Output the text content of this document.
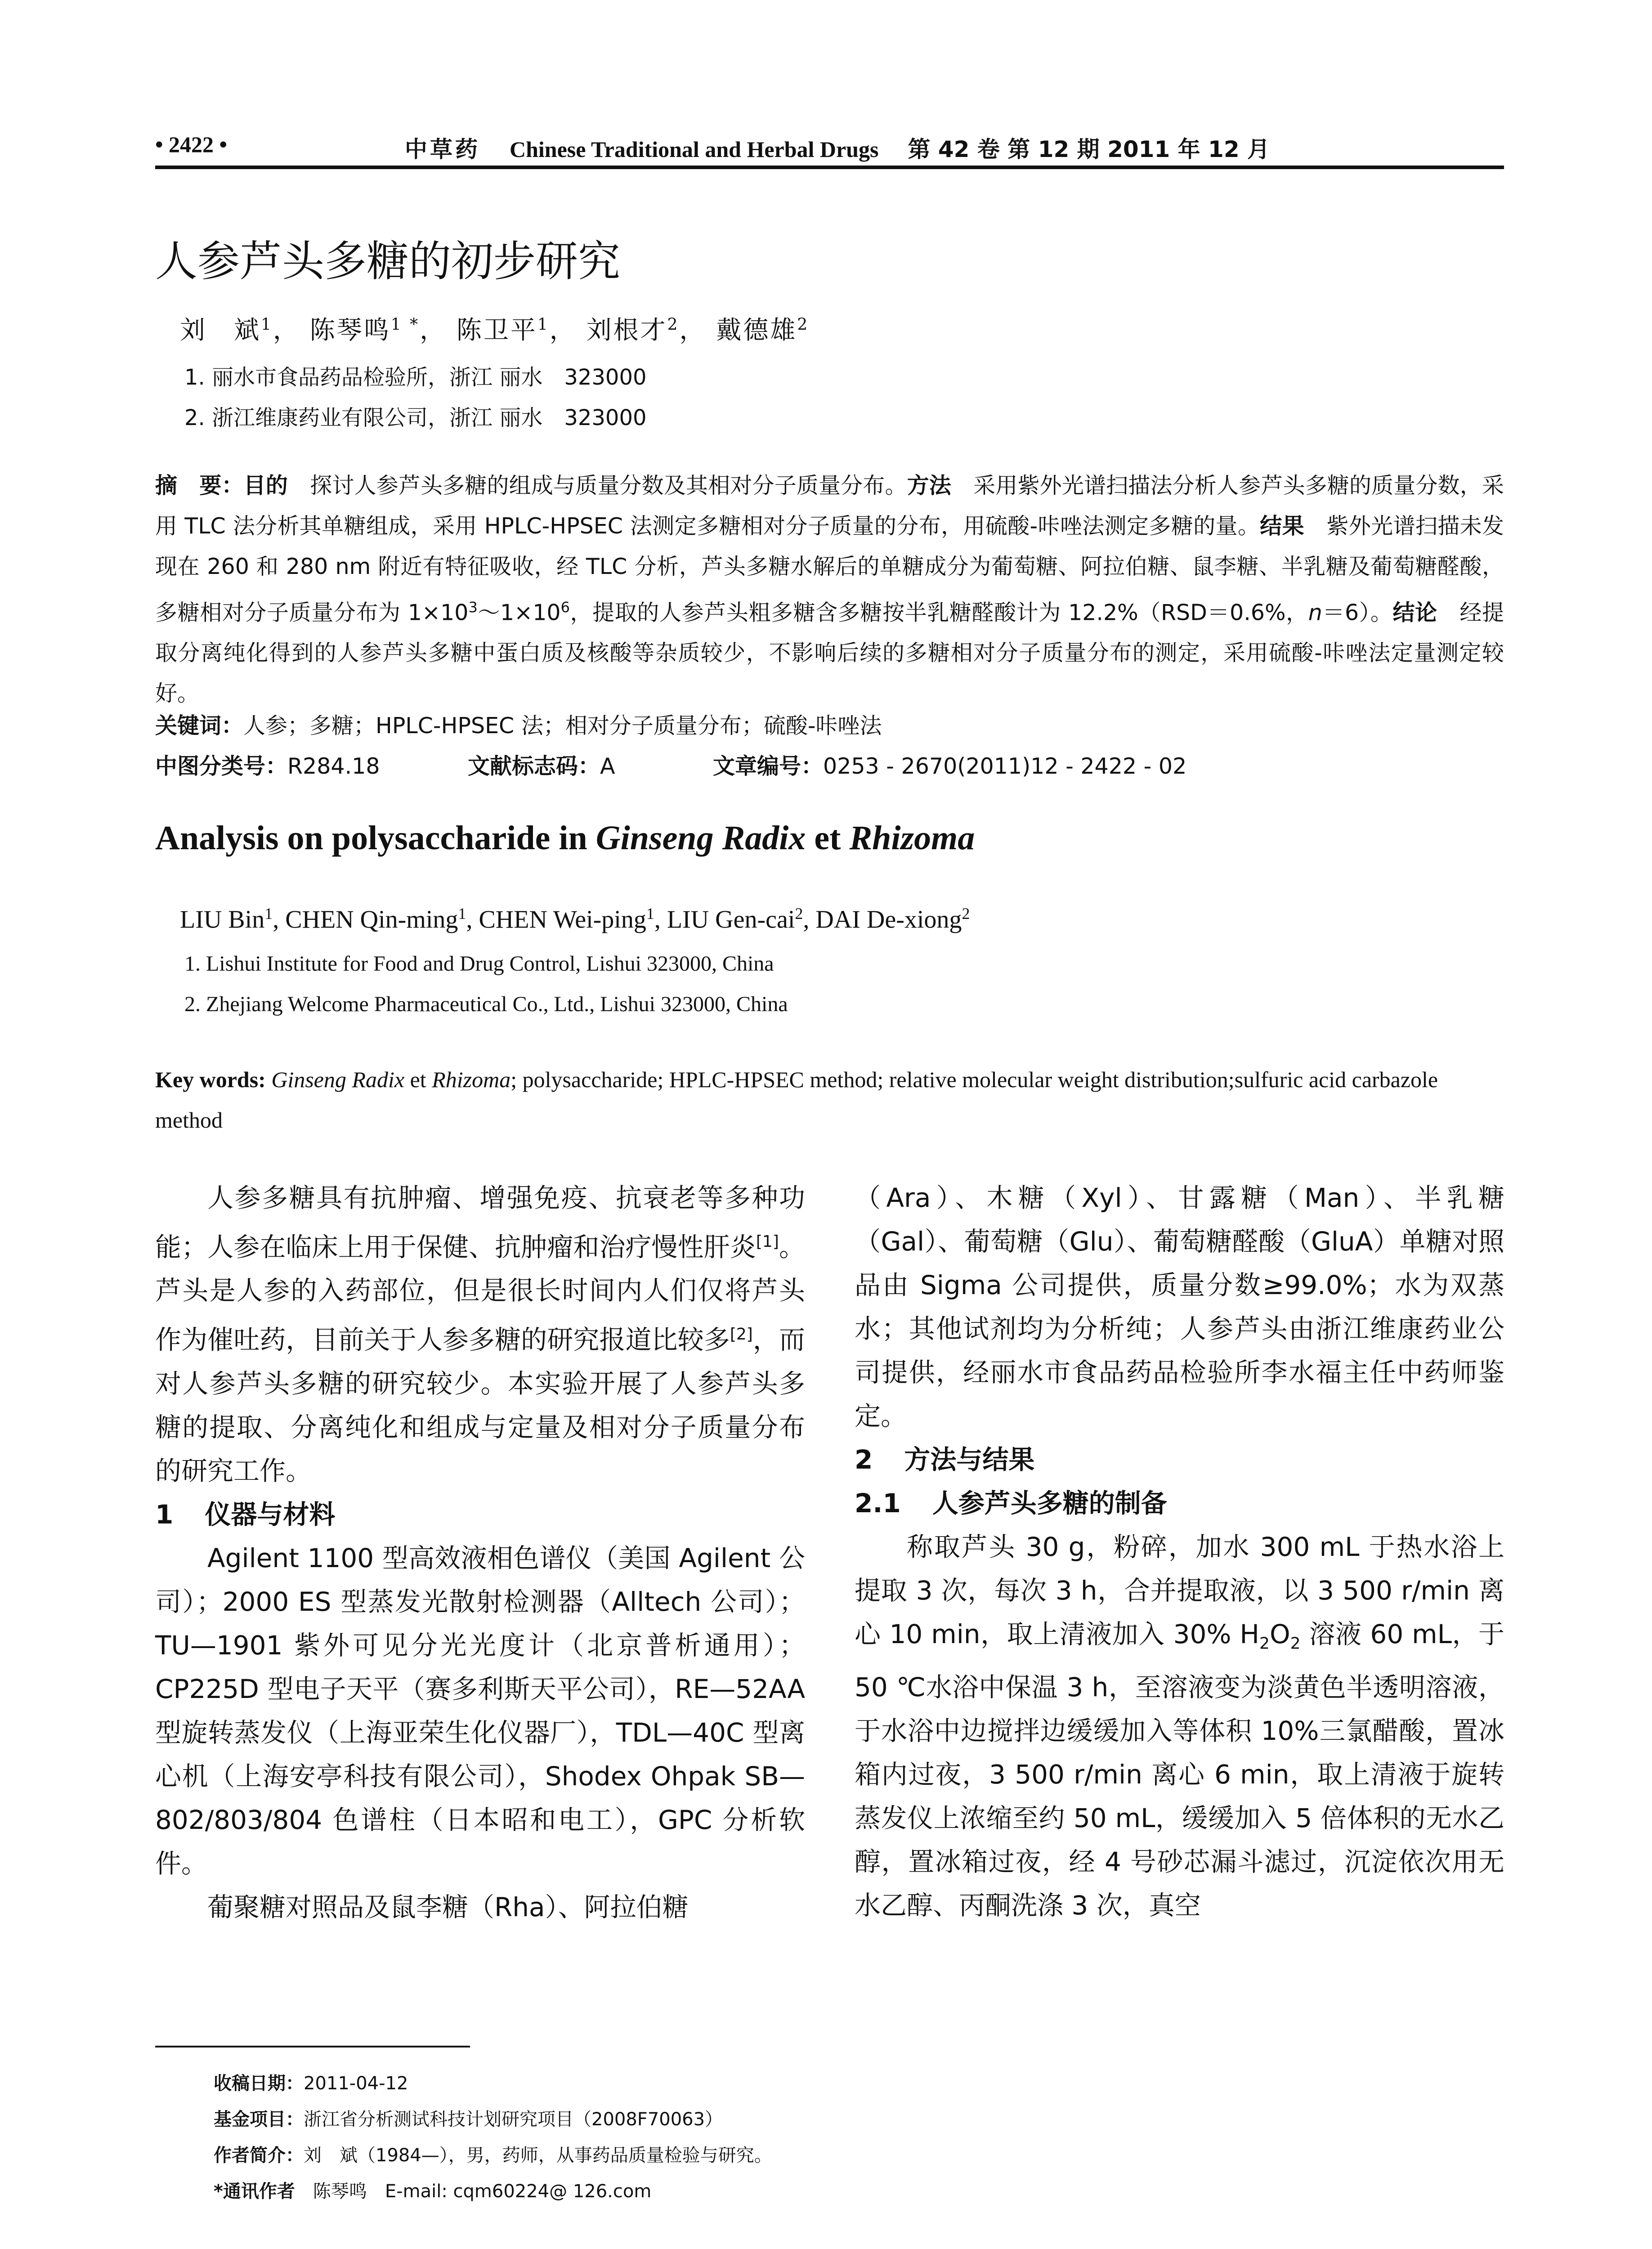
• 2422 •	中草药 Chinese Traditional and Herbal Drugs 第 42 卷 第 12 期 2011 年 12 月
人参芦头多糖的初步研究
刘　斌$^1$， 陈琴鸣$^{1 *}$， 陈卫平$^1$， 刘根才$^2$， 戴德雄$^2$
1. 丽水市食品药品检验所，浙江 丽水　323000
2. 浙江维康药业有限公司，浙江 丽水　323000
摘　要：目的　 探讨人参芦头多糖的组成与质量分数及其相对分子质量分布。方法　 采用紫外光谱扫描法分析人参芦头多糖的质量分数，采用 TLC 法分析其单糖组成，采用 HPLC-HPSEC 法测定多糖相对分子质量的分布，用硫酸-咔唑法测定多糖的量。结果　 紫外光谱扫描未发现在 260 和 280 nm 附近有特征吸收，经 TLC 分析，芦头多糖水解后的单糖成分为葡萄糖、阿拉伯糖、鼠李糖、半乳糖及葡萄糖醛酸，多糖相对分子质量分布为 $1\times 10^3\sim 1\times 10^6$，提取的人参芦头粗多糖含多糖按半乳糖醛酸计为 12.2%（RSD＝0.6%，n＝6）。结论　 经提取分离纯化得到的人参芦头多糖中蛋白质及核酸等杂质较少，不影响后续的多糖相对分子质量分布的测定，采用硫酸-咔唑法定量测定较好。
关键词：人参；多糖；HPLC-HPSEC 法；相对分子质量分布；硫酸-咔唑法
中图分类号：R284.18	文献标志码：A	文章编号：0253 - 2670(2011)12 - 2422 - 02
Analysis on polysaccharide in Ginseng Radix et Rhizoma
LIU Bin$^1$, CHEN Qin-ming$^1$, CHEN Wei-ping$^1$, LIU Gen-cai$^2$, DAI De-xiong$^2$
1. Lishui Institute for Food and Drug Control, Lishui 323000, China
2. Zhejiang Welcome Pharmaceutical Co., Ltd., Lishui 323000, China
Key words: Ginseng Radix et Rhizoma; polysaccharide; HPLC-HPSEC method; relative molecular weight distribution;sulfuric acid carbazole method

人参多糖具有抗肿瘤、增强免疫、抗衰老等多种功能；人参在临床上用于保健、抗肿瘤和治疗慢性肝炎[1]。芦头是人参的入药部位，但是很长时间内人们仅将芦头作为催吐药，目前关于人参多糖的研究报道比较多[2]，而对人参芦头多糖的研究较少。本实验开展了人参芦头多糖的提取、分离纯化和组成与定量及相对分子质量分布的研究工作。

1 仪器与材料

Agilent 1100 型高效液相色谱仪（美国 Agilent 公司）；2000 ES 型蒸发光散射检测器（Alltech 公司）；TU—1901 紫外可见分光光度计（北京普析通用）；CP225D 型电子天平（赛多利斯天平公司），RE—52AA 型旋转蒸发仪（上海亚荣生化仪器厂），TDL—40C 型离心机（上海安亭科技有限公司），Shodex Ohpak SB—802/803/804 色谱柱（日本昭和电工），GPC 分析软件。

葡聚糖对照品及鼠李糖（Rha）、阿拉伯糖

（Ara）、木糖（Xyl）、甘露糖（Man）、半乳糖（Gal）、葡萄糖（Glu）、葡萄糖醛酸（GluA）单糖对照品由 Sigma 公司提供，质量分数≥99.0%；水为双蒸水；其他试剂均为分析纯；人参芦头由浙江维康药业公司提供，经丽水市食品药品检验所李水福主任中药师鉴定。

2 方法与结果
2.1 人参芦头多糖的制备

称取芦头 30 g，粉碎，加水 300 mL 于热水浴上提取 3 次，每次 3 h，合并提取液，以 3 500 r/min 离心 10 min，取上清液加入 30% $H_2O_2$ 溶液 60 mL，于 50 ℃水浴中保温 3 h，至溶液变为淡黄色半透明溶液，于水浴中边搅拌边缓缓加入等体积 10%三氯醋酸，置冰箱内过夜，3 500 r/min 离心 6 min，取上清液于旋转蒸发仪上浓缩至约 50 mL，缓缓加入 5 倍体积的无水乙醇，置冰箱过夜，经 4 号砂芯漏斗滤过，沉淀依次用无水乙醇、丙酮洗涤 3 次，真空

收稿日期：2011-04-12
基金项目：浙江省分析测试科技计划研究项目（2008F70063）
作者简介：刘　斌（1984—），男，药师，从事药品质量检验与研究。
*通讯作者　陈琴鸣　E-mail: cqm60224@ 126.com
